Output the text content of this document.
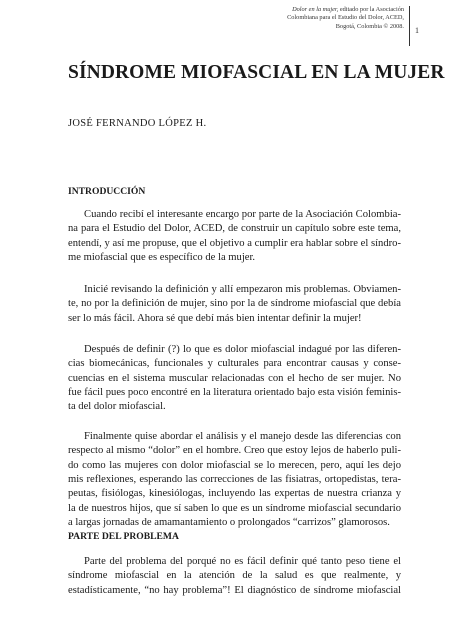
Dolor en la mujer, editado por la Asociación
Colombiana para el Estudio del Dolor, ACED,
Bogotá, Colombia © 2008. 1
SÍNDROME MIOFASCIAL EN LA MUJER
JOSÉ FERNANDO LÓPEZ H.
INTRODUCCIÓN
Cuando recibí el interesante encargo por parte de la Asociación Colombia-
na para el Estudio del Dolor, ACED, de construir un capítulo sobre este tema,
entendí, y así me propuse, que el objetivo a cumplir era hablar sobre el síndro-
me miofascial que es específico de la mujer.
Inicié revisando la definición y allí empezaron mis problemas. Obviamen-
te, no por la definición de mujer, sino por la de síndrome miofascial que debía
ser lo más fácil. Ahora sé que debí más bien intentar definir la mujer!
Después de definir (?) lo que es dolor miofascial indagué por las diferen-
cias biomecánicas, funcionales y culturales para encontrar causas y conse-
cuencias en el sistema muscular relacionadas con el hecho de ser mujer. No
fue fácil pues poco encontré en la literatura orientado bajo esta visión feminis-
ta del dolor miofascial.
Finalmente quise abordar el análisis y el manejo desde las diferencias con
respecto al mismo “dolor” en el hombre. Creo que estoy lejos de haberlo puli-
do como las mujeres con dolor miofascial se lo merecen, pero, aquí les dejo
mis reflexiones, esperando las correcciones de las fisiatras, ortopedistas, tera-
peutas, fisiólogas, kinesiólogas, incluyendo las expertas de nuestra crianza y
la de nuestros hijos, que sí saben lo que es un síndrome miofascial secundario
a largas jornadas de amamantamiento o prolongados “carrizos” glamorosos.
PARTE DEL PROBLEMA
Parte del problema del porqué no es fácil definir qué tanto peso tiene el
síndrome miofascial en la atención de la salud es que realmente, y
estadísticamente, “no hay problema”! El diagnóstico de síndrome miofascial
